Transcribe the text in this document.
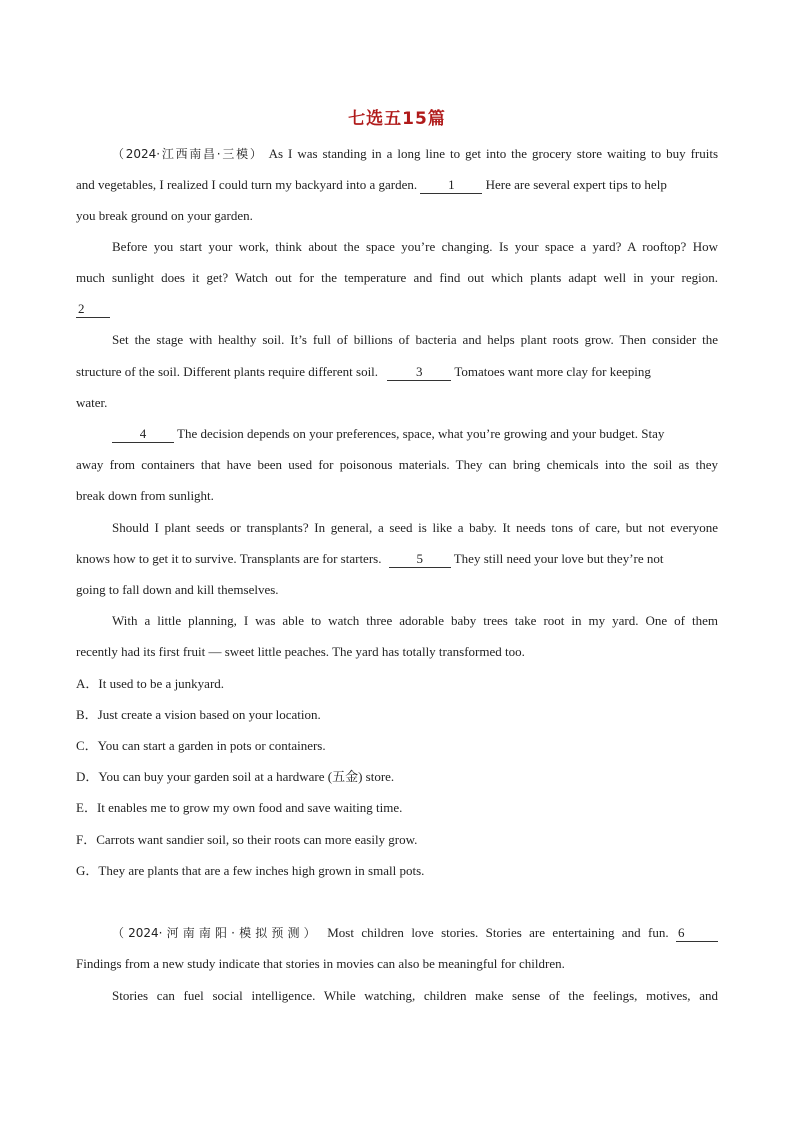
七选五15篇
（2024·江西南昌·三模） As I was standing in a long line to get into the grocery store waiting to buy fruits
and vegetables, I realized I could turn my backyard into a garden. 1 Here are several expert tips to help
you break ground on your garden.
Before you start your work, think about the space you’re changing. Is your space a yard? A rooftop? How
much sunlight does it get? Watch out for the temperature and find out which plants adapt well in your region.
2
Set the stage with healthy soil. It’s full of billions of bacteria and helps plant roots grow. Then consider the
structure of the soil. Different plants require different soil.	3 Tomatoes want more clay for keeping
water.
4 The decision depends on your preferences, space, what you’re growing and your budget. Stay
away from containers that have been used for poisonous materials. They can bring chemicals into the soil as they
break down from sunlight.
Should I plant seeds or transplants? In general, a seed is like a baby. It needs tons of care, but not everyone
knows how to get it to survive. Transplants are for starters.	5 They still need your love but they’re not
going to fall down and kill themselves.
With a little planning, I was able to watch three adorable baby trees take root in my yard. One of them
recently had its first fruit — sweet little peaches. The yard has totally transformed too.
A．It used to be a junkyard.
B．Just create a vision based on your location.
C．You can start a garden in pots or containers.
D．You can buy your garden soil at a hardware (五金) store.
E．It enables me to grow my own food and save waiting time.
F．Carrots want sandier soil, so their roots can more easily grow.
G．They are plants that are a few inches high grown in small pots.
（2024·河南南阳·模拟预测） Most children love stories. Stories are entertaining and fun. 6
Findings from a new study indicate that stories in movies can also be meaningful for children.
Stories can fuel social intelligence. While watching, children make sense of the feelings, motives, and
